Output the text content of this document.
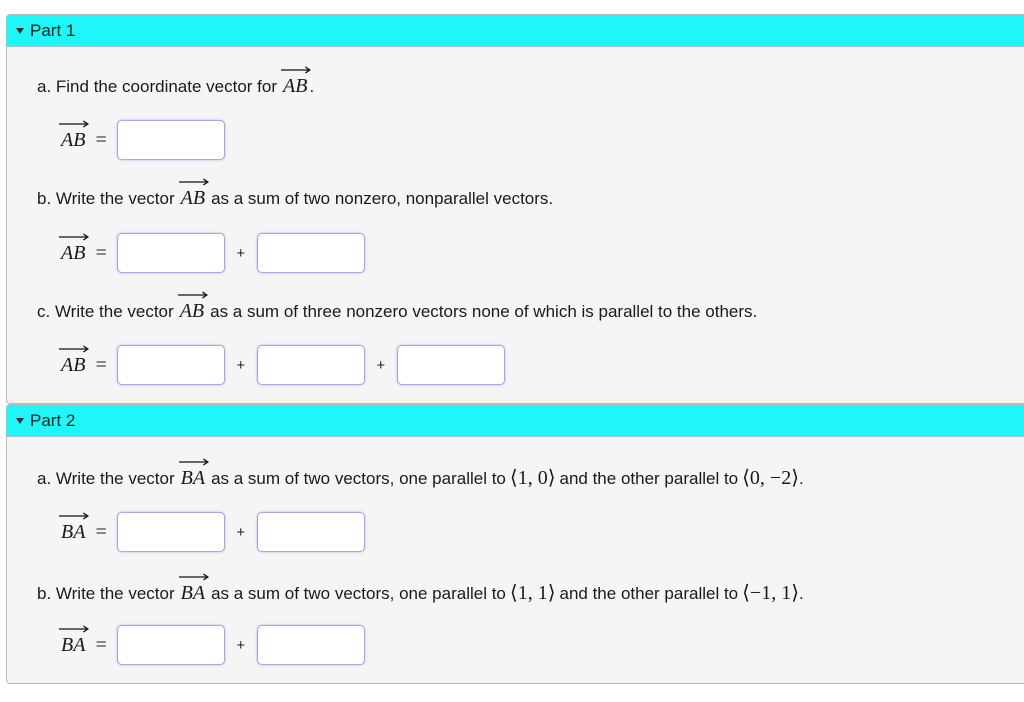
Part 1
a. Find the coordinate vector for AB .
AB =
b. Write the vector AB as a sum of two nonzero, nonparallel vectors.
AB =	+
c. Write the vector AB as a sum of three nonzero vectors none of which is parallel to the others.
AB =	+	+
Part 2
a. Write the vector BA as a sum of two vectors, one parallel to ⟨1, 0⟩ and the other parallel to ⟨0, −2⟩ .
BA =	+
b. Write the vector BA as a sum of two vectors, one parallel to ⟨1, 1⟩ and the other parallel to ⟨−1, 1⟩ .
BA =	+
